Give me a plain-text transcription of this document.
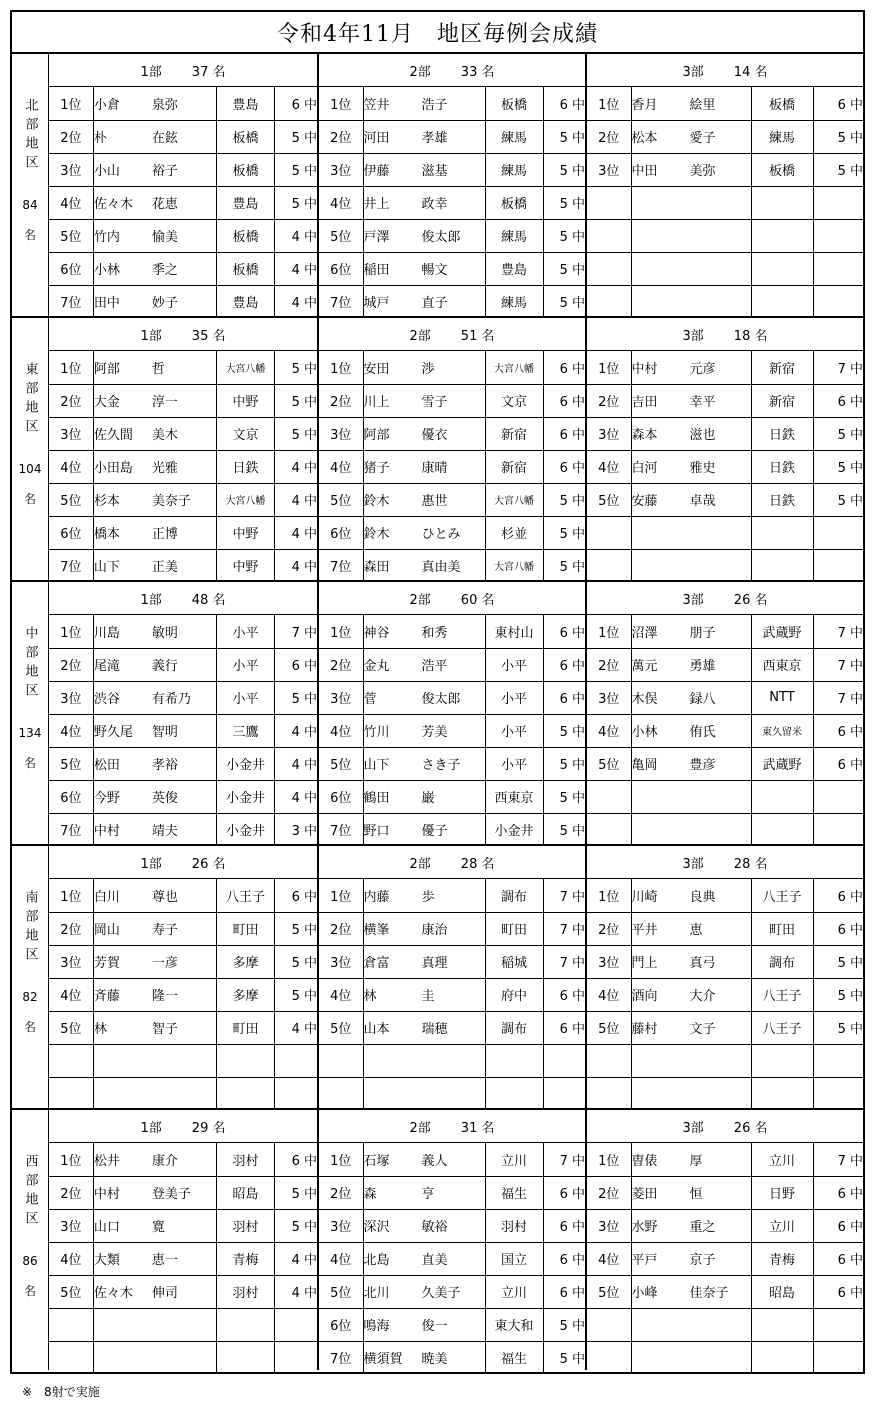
令和4年11月　地区毎例会成績
北部地区
84
名
1部 37 名
1位	小倉 泉弥	豊島	6 中
2位	朴 在鉉	板橋	5 中
3位	小山 裕子	板橋	5 中
4位	佐々木 花恵	豊島	5 中
5位	竹内 愉美	板橋	4 中
6位	小林 季之	板橋	4 中
7位	田中 妙子	豊島	4 中
2部 33 名
1位	笠井 浩子	板橋	6 中
2位	河田 孝雄	練馬	5 中
3位	伊藤 滋基	練馬	5 中
4位	井上 政幸	板橋	5 中
5位	戸澤 俊太郎	練馬	5 中
6位	稲田 暢文	豊島	5 中
7位	城戸 直子	練馬	5 中
3部 14 名
1位	香月 絵里	板橋	6 中
2位	松本 愛子	練馬	5 中
3位	中田 美弥	板橋	5 中

東部地区
104
名
1部 35 名
1位	阿部 哲	大宮八幡	5 中
2位	大金 淳一	中野	5 中
3位	佐久間 美木	文京	5 中
4位	小田島 光雅	日鉄	4 中
5位	杉本 美奈子	大宮八幡	4 中
6位	橋本 正博	中野	4 中
7位	山下 正美	中野	4 中
2部 51 名
1位	安田 渉	大宮八幡	6 中
2位	川上 雪子	文京	6 中
3位	阿部 優衣	新宿	6 中
4位	猪子 康晴	新宿	6 中
5位	鈴木 惠世	大宮八幡	5 中
6位	鈴木 ひとみ	杉並	5 中
7位	森田 真由美	大宮八幡	5 中
3部 18 名
1位	中村 元彦	新宿	7 中
2位	吉田 幸平	新宿	6 中
3位	森本 滋也	日鉄	5 中
4位	白河 雅史	日鉄	5 中
5位	安藤 卓哉	日鉄	5 中

中部地区
134
名
1部 48 名
1位	川島 敏明	小平	7 中
2位	尾滝 義行	小平	6 中
3位	渋谷 有希乃	小平	5 中
4位	野久尾 智明	三鷹	4 中
5位	松田 孝裕	小金井	4 中
6位	今野 英俊	小金井	4 中
7位	中村 靖夫	小金井	3 中
2部 60 名
1位	神谷 和秀	東村山	6 中
2位	金丸 浩平	小平	6 中
3位	菅 俊太郎	小平	6 中
4位	竹川 芳美	小平	5 中
5位	山下 さき子	小平	5 中
6位	鶴田 巌	西東京	5 中
7位	野口 優子	小金井	5 中
3部 26 名
1位	沼澤 朋子	武蔵野	7 中
2位	萬元 勇雄	西東京	7 中
3位	木俣 録八	NTT	7 中
4位	小林 侑氏	東久留米	6 中
5位	亀岡 豊彦	武蔵野	6 中

南部地区
82
名
1部 26 名
1位	白川 尊也	八王子	6 中
2位	岡山 寿子	町田	5 中
3位	芳賀 一彦	多摩	5 中
4位	斉藤 隆一	多摩	5 中
5位	林 智子	町田	4 中

2部 28 名
1位	内藤 歩	調布	7 中
2位	横峯 康治	町田	7 中
3位	倉富 真理	稲城	7 中
4位	林 圭	府中	6 中
5位	山本 瑞穂	調布	6 中

3部 28 名
1位	川崎 良典	八王子	6 中
2位	平井 恵	町田	6 中
3位	門上 真弓	調布	5 中
4位	酒向 大介	八王子	5 中
5位	藤村 文子	八王子	5 中

西部地区
86
名
1部 29 名
1位	松井 康介	羽村	6 中
2位	中村 登美子	昭島	5 中
3位	山口 寛	羽村	5 中
4位	大類 恵一	青梅	4 中
5位	佐々木 伸司	羽村	4 中

2部 31 名
1位	石塚 義人	立川	7 中
2位	森 亨	福生	6 中
3位	深沢 敏裕	羽村	6 中
4位	北島 直美	国立	6 中
5位	北川 久美子	立川	6 中
6位	鳴海 俊一	東大和	5 中
7位	横須賀 暁美	福生	5 中
3部 26 名
1位	曺俵 厚	立川	7 中
2位	菱田 恒	日野	6 中
3位	水野 重之	立川	6 中
4位	平戸 京子	青梅	6 中
5位	小峰 佳奈子	昭島	6 中

※　8射で実施
